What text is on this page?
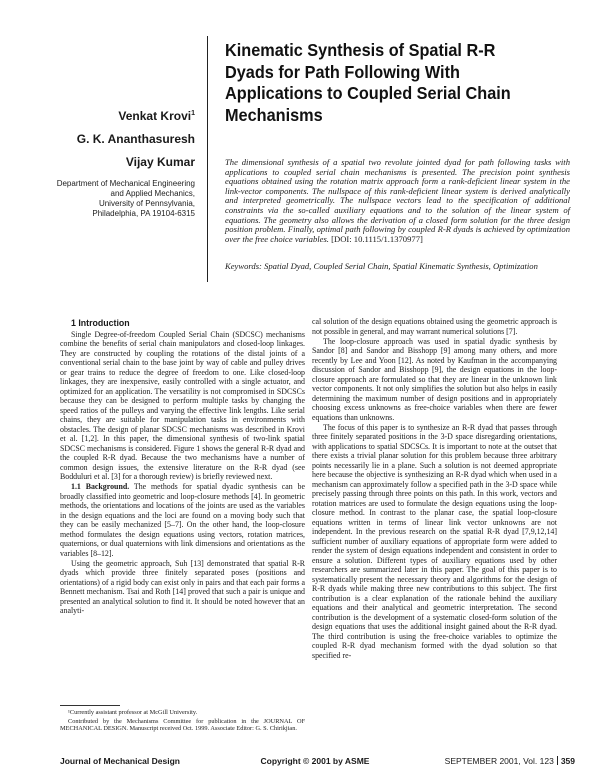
Kinematic Synthesis of Spatial R-R Dyads for Path Following With Applications to Coupled Serial Chain Mechanisms
Venkat Krovi$^1$
G. K. Ananthasuresh
Vijay Kumar
Department of Mechanical Engineering
and Applied Mechanics,
University of Pennsylvania,
Philadelphia, PA 19104-6315

The dimensional synthesis of a spatial two revolute jointed dyad for path following tasks with applications to coupled serial chain mechanisms is presented. The precision point synthesis equations obtained using the rotation matrix approach form a rank-deficient linear system in the link-vector components. The nullspace of this rank-deficient linear system is derived analytically and interpreted geometrically. The nullspace vectors lead to the specification of additional constraints via the so-called auxiliary equations and to the solution of the linear system of equations. The geometry also allows the derivation of a closed form solution for the three design position problem. Finally, optimal path following by coupled R-R dyads is achieved by optimization over the free choice variables. [DOI: 10.1115/1.1370977]

Keywords: Spatial Dyad, Coupled Serial Chain, Spatial Kinematic Synthesis, Optimization

1 Introduction

Single Degree-of-freedom Coupled Serial Chain (SDCSC) mechanisms combine the benefits of serial chain manipulators and closed-loop linkages. They are constructed by coupling the rotations of the distal joints of a conventional serial chain to the base joint by way of cable and pulley drives or gear trains to reduce the degree of freedom to one. Like closed-loop linkages, they are inexpensive, easily controlled with a single actuator, and optimized for an application. The versatility is not compromised in SDCSCs because they can be designed to perform multiple tasks by changing the speed ratios of the pulleys and varying the effective link lengths. Like serial chains, they are suitable for manipulation tasks in environments with obstacles. The design of planar SDCSC mechanisms was described in Krovi et al. [1,2]. In this paper, the dimensional synthesis of two-link spatial SDCSC mechanisms is considered. Figure 1 shows the general R-R dyad and the coupled R-R dyad. Because the two mechanisms have a number of common design issues, the extensive literature on the R-R dyad (see Bodduluri et al. [3] for a thorough review) is briefly reviewed next.

1.1 Background. The methods for spatial dyadic synthesis can be broadly classified into geometric and loop-closure methods [4]. In geometric methods, the orientations and locations of the joints are used as the variables in the design equations and the loci are found on a moving body such that they can be easily mechanized [5–7]. On the other hand, the loop-closure method formulates the design equations using vectors, rotation matrices, quaternions, or dual quaternions with link dimensions and orientations as the variables [8–12].

Using the geometric approach, Suh [13] demonstrated that spatial R-R dyads which provide three finitely separated poses (positions and orientations) of a rigid body can exist only in pairs and that each pair forms a Bennett mechanism. Tsai and Roth [14] proved that such a pair is unique and presented an analytical solution to find it. It should be noted however that an analyti-

cal solution of the design equations obtained using the geometric approach is not possible in general, and may warrant numerical solutions [7].

The loop-closure approach was used in spatial dyadic synthesis by Sandor [8] and Sandor and Bisshopp [9] among many others, and more recently by Lee and Yoon [12]. As noted by Kaufman in the accompanying discussion of Sandor and Bisshopp [9], the design equations in the loop-closure approach are formulated so that they are linear in the unknown link vector components. It not only simplifies the solution but also helps in easily determining the maximum number of design positions and in appropriately choosing excess unknowns as free-choice variables when there are fewer equations than unknowns.

The focus of this paper is to synthesize an R-R dyad that passes through three finitely separated positions in the 3-D space disregarding orientations, with applications to spatial SDCSCs. It is important to note at the outset that there exists a trivial planar solution for this problem because three arbitrary points necessarily lie in a plane. Such a solution is not deemed appropriate here because the objective is synthesizing an R-R dyad which when used in a mechanism can approximately follow a specified path in the 3-D space while precisely passing through three points on this path. In this work, vectors and rotation matrices are used to formulate the design equations using the loop-closure method. In contrast to the planar case, the spatial loop-closure equations written in terms of linear link vector unknowns are not independent. In the previous research on the spatial R-R dyad [7,9,12,14] sufficient number of auxiliary equations of appropriate form were added to render the system of design equations independent and consistent in order to ensure a solution. Different types of auxiliary equations used by other researchers are summarized later in this paper. The goal of this paper is to systematically present the necessary theory and algorithms for the design of R-R dyads while making three new contributions to this subject. The first contribution is a clear explanation of the rationale behind the auxiliary equations and their analytical and geometric interpretation. The second contribution is the development of a systematic closed-form solution of the design equations that uses the additional insight gained about the R-R dyad. The third contribution is using the free-choice variables to optimize the coupled R-R dyad mechanism formed with the dyad solution so that specified re-

¹Currently assistant professor at McGill University.

Contributed by the Mechanisms Committee for publication in the JOURNAL OF MECHANICAL DESIGN. Manuscript received Oct. 1999. Associate Editor: G. S. Chirikjian.

Journal of Mechanical Design	Copyright © 2001 by ASME	SEPTEMBER 2001, Vol. 123 359
